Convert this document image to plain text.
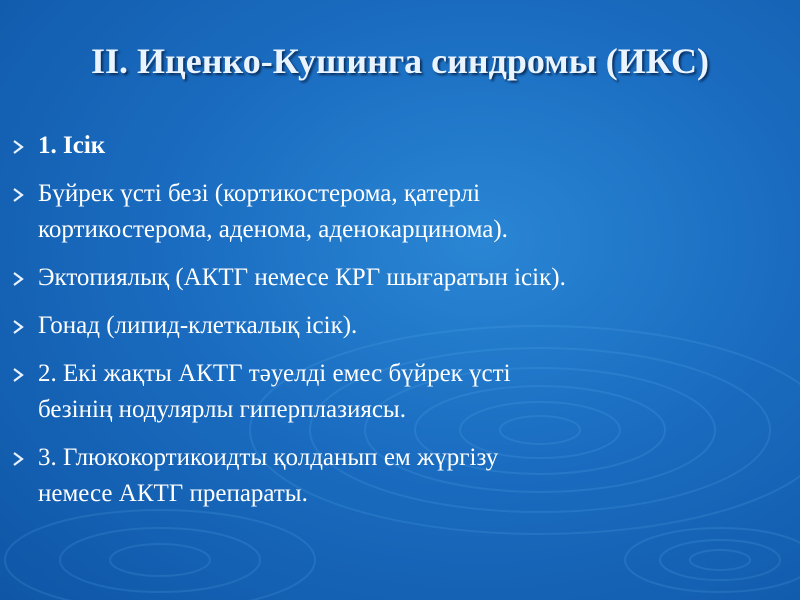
ІІ. Иценко-Кушинга синдромы (ИКС)
1. Ісік
Бүйрек үсті безі (кортикостерома, қатерлі
кортикостерома, аденома, аденокарцинома).
Эктопиялық (АКТГ немесе КРГ шығаратын ісік).
Гонад (липид-клеткалық ісік).
2. Екі жақты АКТГ тәуелді емес бүйрек үсті
безінің нодулярлы гиперплазиясы.
3. Глюкокортикоидты қолданып ем жүргізу
немесе АКТГ препараты.
